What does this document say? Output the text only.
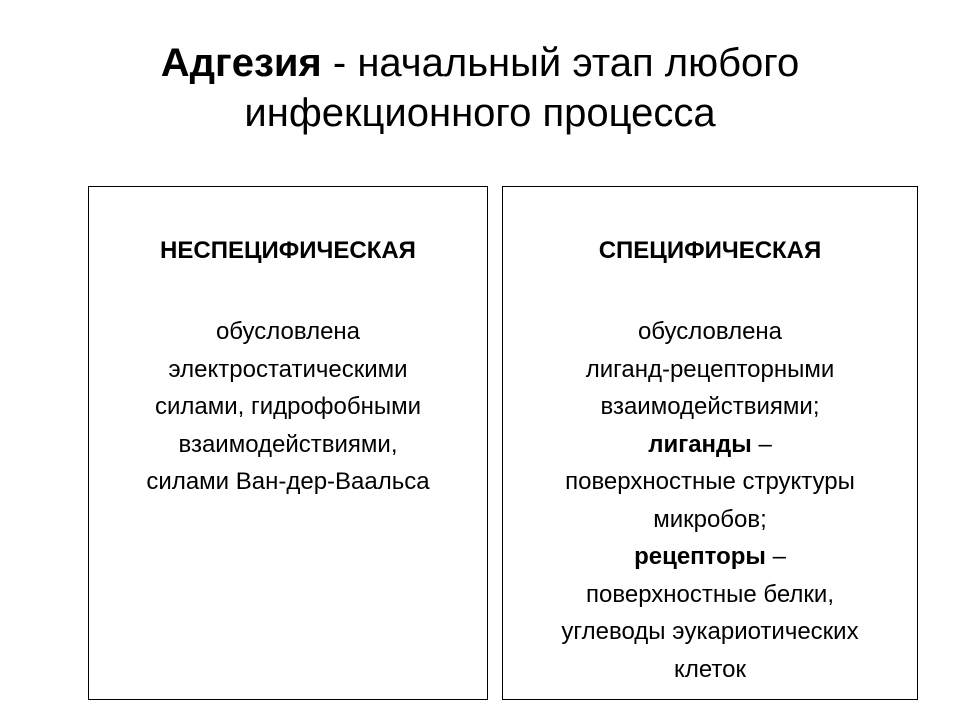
Адгезия - начальный этап любого
инфекционного процесса
НЕСПЕЦИФИЧЕСКАЯ
обусловлена
электростатическими
силами, гидрофобными
взаимодействиями,
силами Ван-дер-Ваальса
СПЕЦИФИЧЕСКАЯ
обусловлена
лиганд-рецепторными
взаимодействиями;
лиганды –
поверхностные структуры
микробов;
рецепторы –
поверхностные белки,
углеводы эукариотических
клеток
